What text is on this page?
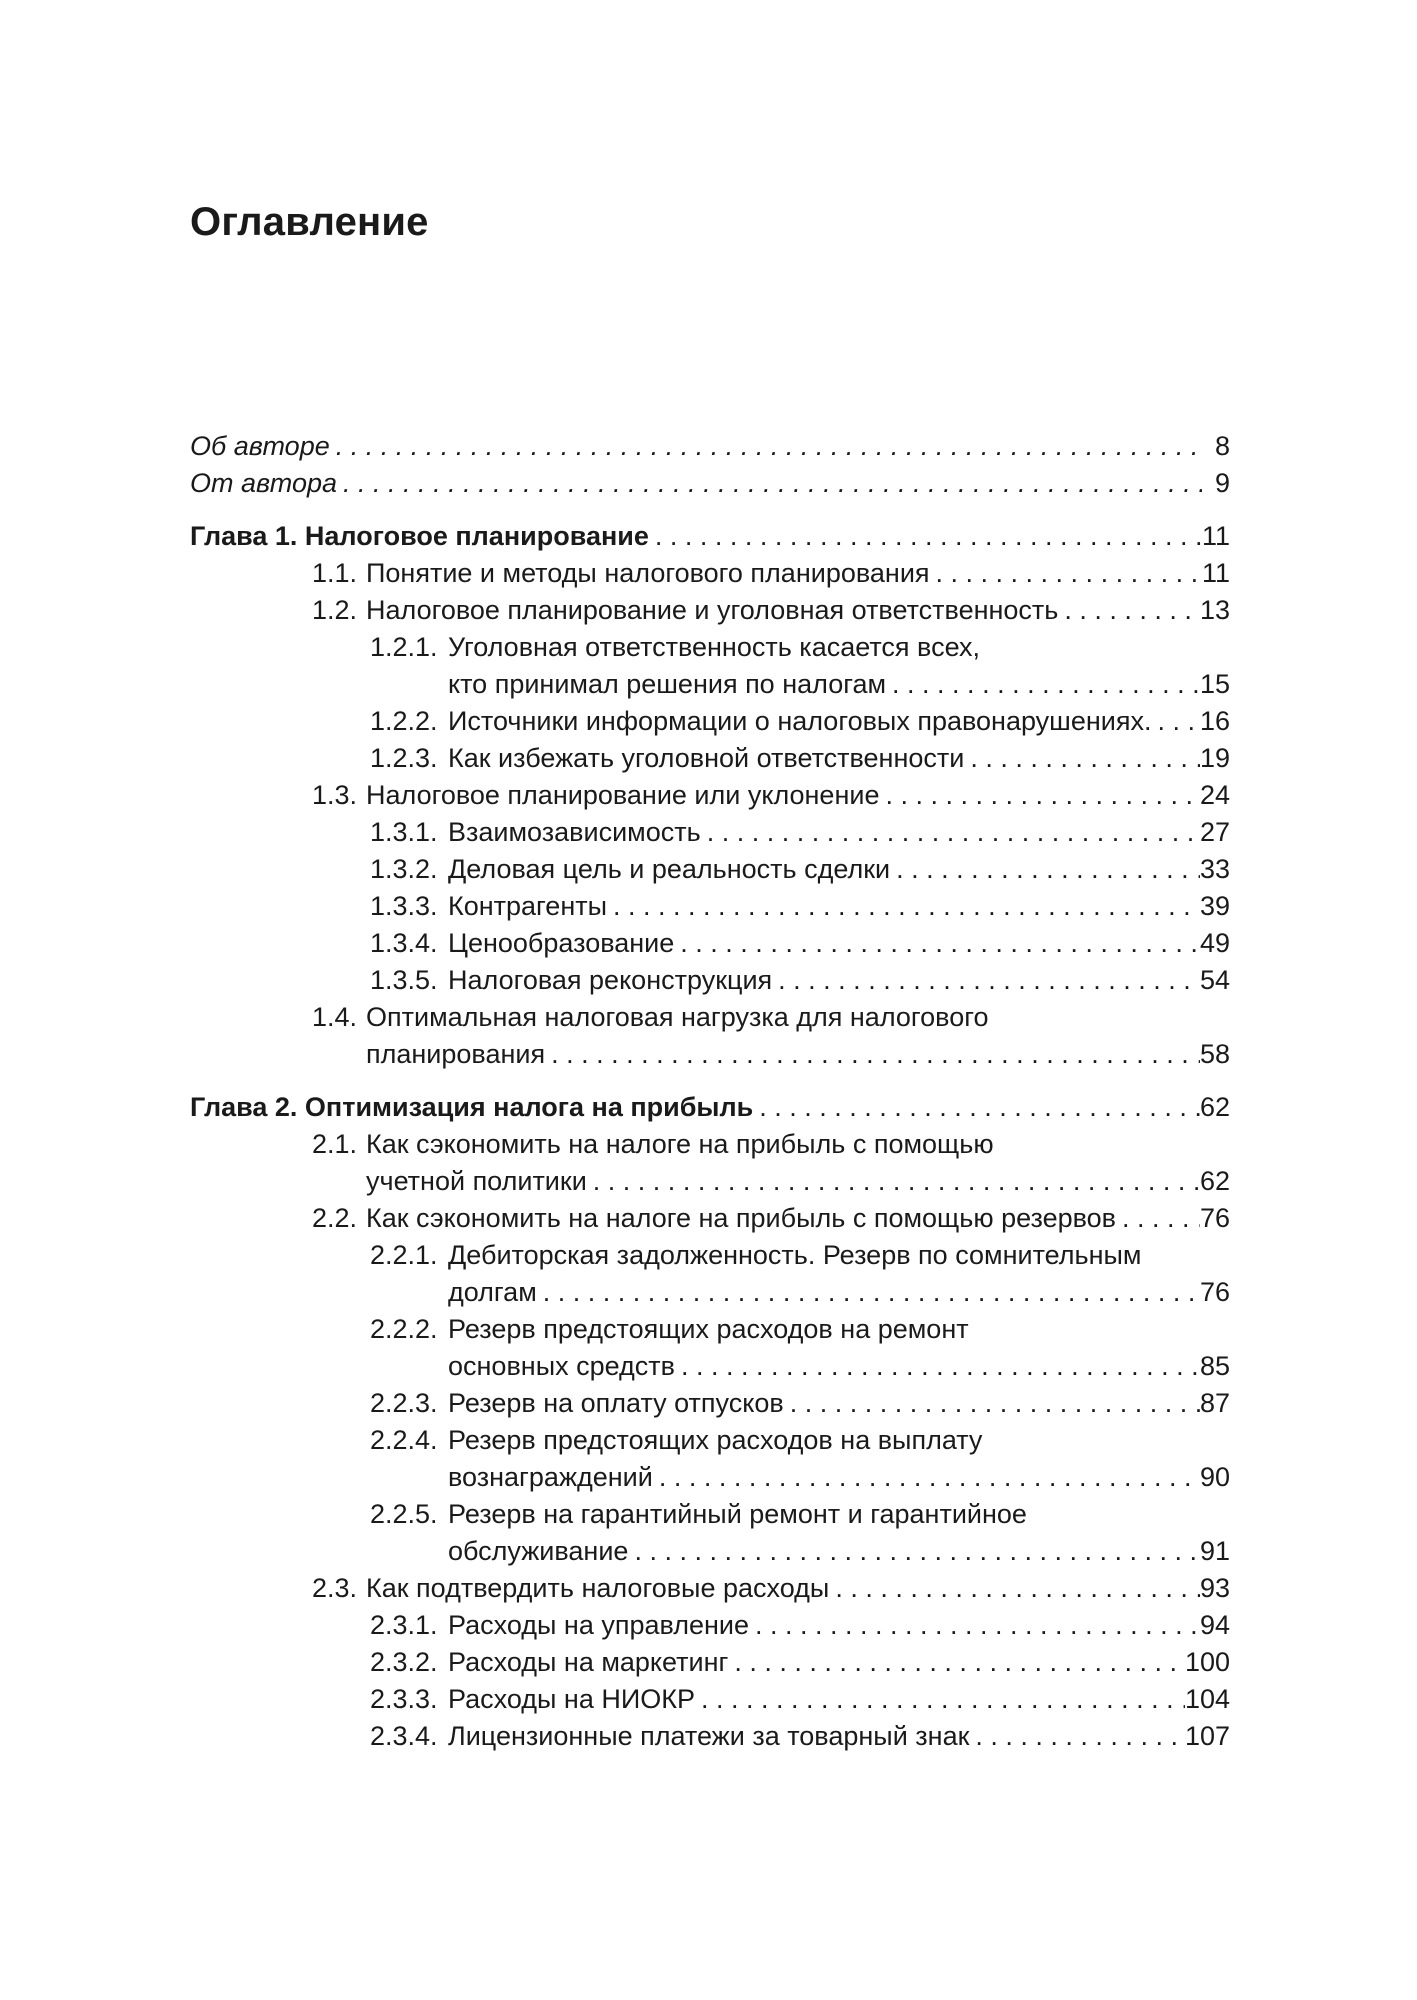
Оглавление
Об авторе . . .	8
От автора . . .	9
Глава 1. Налоговое планирование . . .	11
1.1. Понятие и методы налогового планирования . . .	11
1.2. Налоговое планирование и уголовная ответственность . . .	13
1.2.1. Уголовная ответственность касается всех,
кто принимал решения по налогам . . .	15
1.2.2. Источники информации о налоговых правонарушениях. . . . 16
1.2.3. Как избежать уголовной ответственности . . .	19
1.3. Налоговое планирование или уклонение . . .	24
1.3.1. Взаимозависимость . . .	27
1.3.2. Деловая цель и реальность сделки . . .	33
1.3.3. Контрагенты . . .	39
1.3.4. Ценообразование . . .	49
1.3.5. Налоговая реконструкция . . .	54
1.4. Оптимальная налоговая нагрузка для налогового
планирования . . .	58
Глава 2. Оптимизация налога на прибыль . . .	62
2.1. Как сэкономить на налоге на прибыль с помощью
учетной политики . . .	62
2.2. Как сэкономить на налоге на прибыль с помощью резервов . . .	76
2.2.1. Дебиторская задолженность. Резерв по сомнительным
долгам . . .	76
2.2.2. Резерв предстоящих расходов на ремонт
основных средств . . .	85
2.2.3. Резерв на оплату отпусков . . .	87
2.2.4. Резерв предстоящих расходов на выплату
вознаграждений . . .	90
2.2.5. Резерв на гарантийный ремонт и гарантийное
обслуживание . . .	91
2.3. Как подтвердить налоговые расходы . . .	93
2.3.1. Расходы на управление . . .	94
2.3.2. Расходы на маркетинг . . .	100
2.3.3. Расходы на НИОКР . . .	104
2.3.4. Лицензионные платежи за товарный знак . . .	107
